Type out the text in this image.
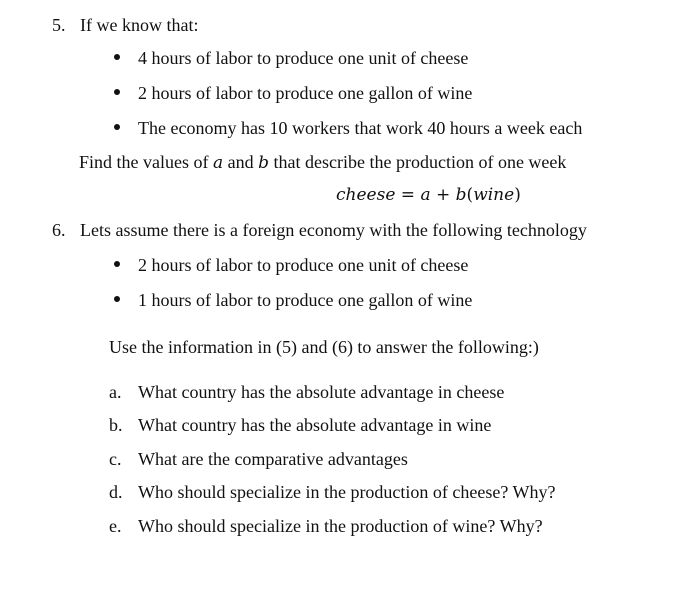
5. If we know that:
4 hours of labor to produce one unit of cheese
2 hours of labor to produce one gallon of wine
The economy has 10 workers that work 40 hours a week each
Find the values of a and b that describe the production of one week
cheese = a + b(wine)
6. Lets assume there is a foreign economy with the following technology
2 hours of labor to produce one unit of cheese
1 hours of labor to produce one gallon of wine
Use the information in (5) and (6) to answer the following:)
a. What country has the absolute advantage in cheese
b. What country has the absolute advantage in wine
c. What are the comparative advantages
d. Who should specialize in the production of cheese? Why?
e. Who should specialize in the production of wine? Why?
